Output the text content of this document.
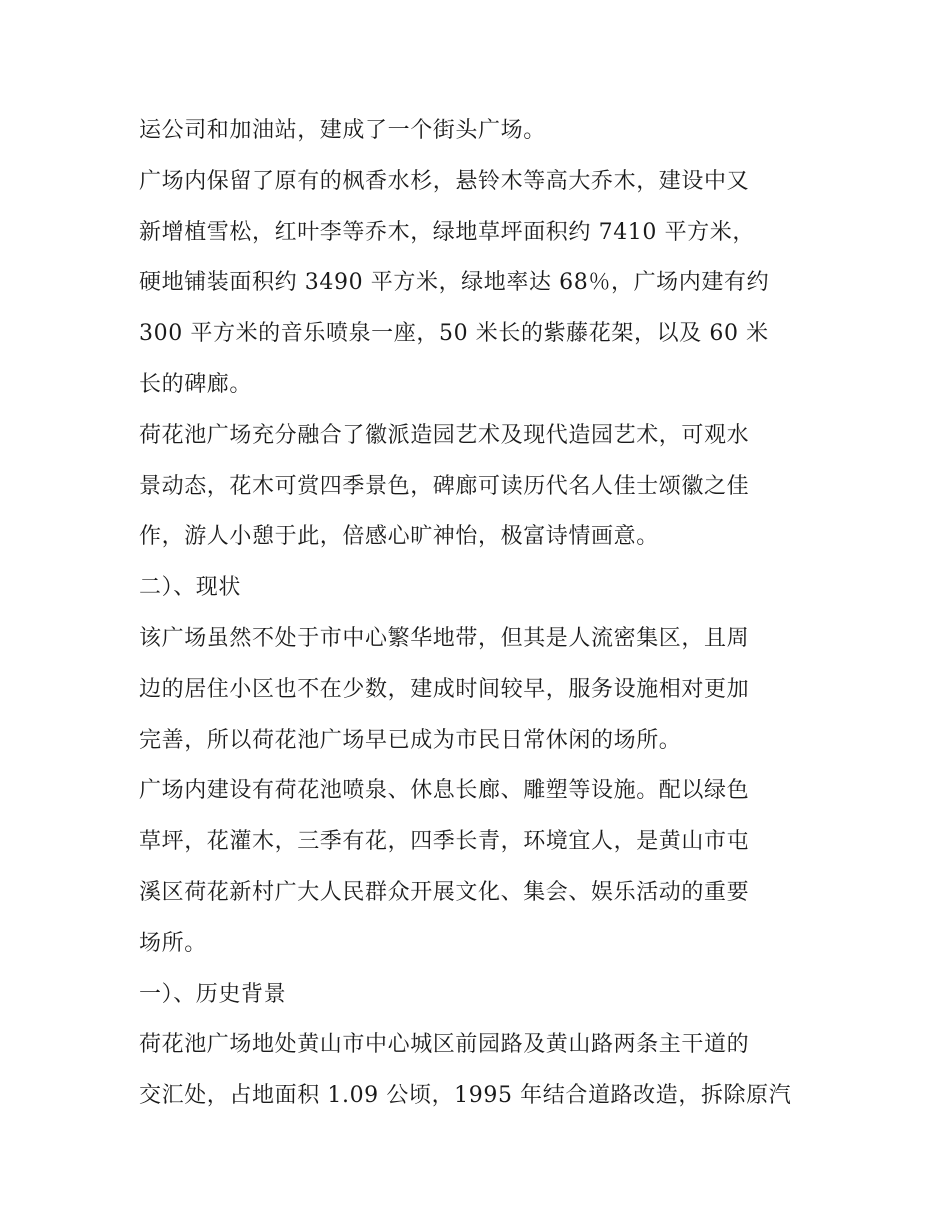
运公司和加油站，建成了一个街头广场。
广场内保留了原有的枫香水杉，悬铃木等高大乔木，建设中又
新增植雪松，红叶李等乔木，绿地草坪面积约 7410 平方米，
硬地铺装面积约 3490 平方米，绿地率达 68％，广场内建有约
300 平方米的音乐喷泉一座，50 米长的紫藤花架，以及 60 米
长的碑廊。
荷花池广场充分融合了徽派造园艺术及现代造园艺术，可观水
景动态，花木可赏四季景色，碑廊可读历代名人佳士颂徽之佳
作，游人小憩于此，倍感心旷神怡，极富诗情画意。
二）、现状
该广场虽然不处于市中心繁华地带，但其是人流密集区，且周
边的居住小区也不在少数，建成时间较早，服务设施相对更加
完善，所以荷花池广场早已成为市民日常休闲的场所。
广场内建设有荷花池喷泉、休息长廊、雕塑等设施。配以绿色
草坪，花灌木，三季有花，四季长青，环境宜人，是黄山市屯
溪区荷花新村广大人民群众开展文化、集会、娱乐活动的重要
场所。
一）、历史背景
荷花池广场地处黄山市中心城区前园路及黄山路两条主干道的
交汇处，占地面积 1.09 公顷，1995 年结合道路改造，拆除原汽
